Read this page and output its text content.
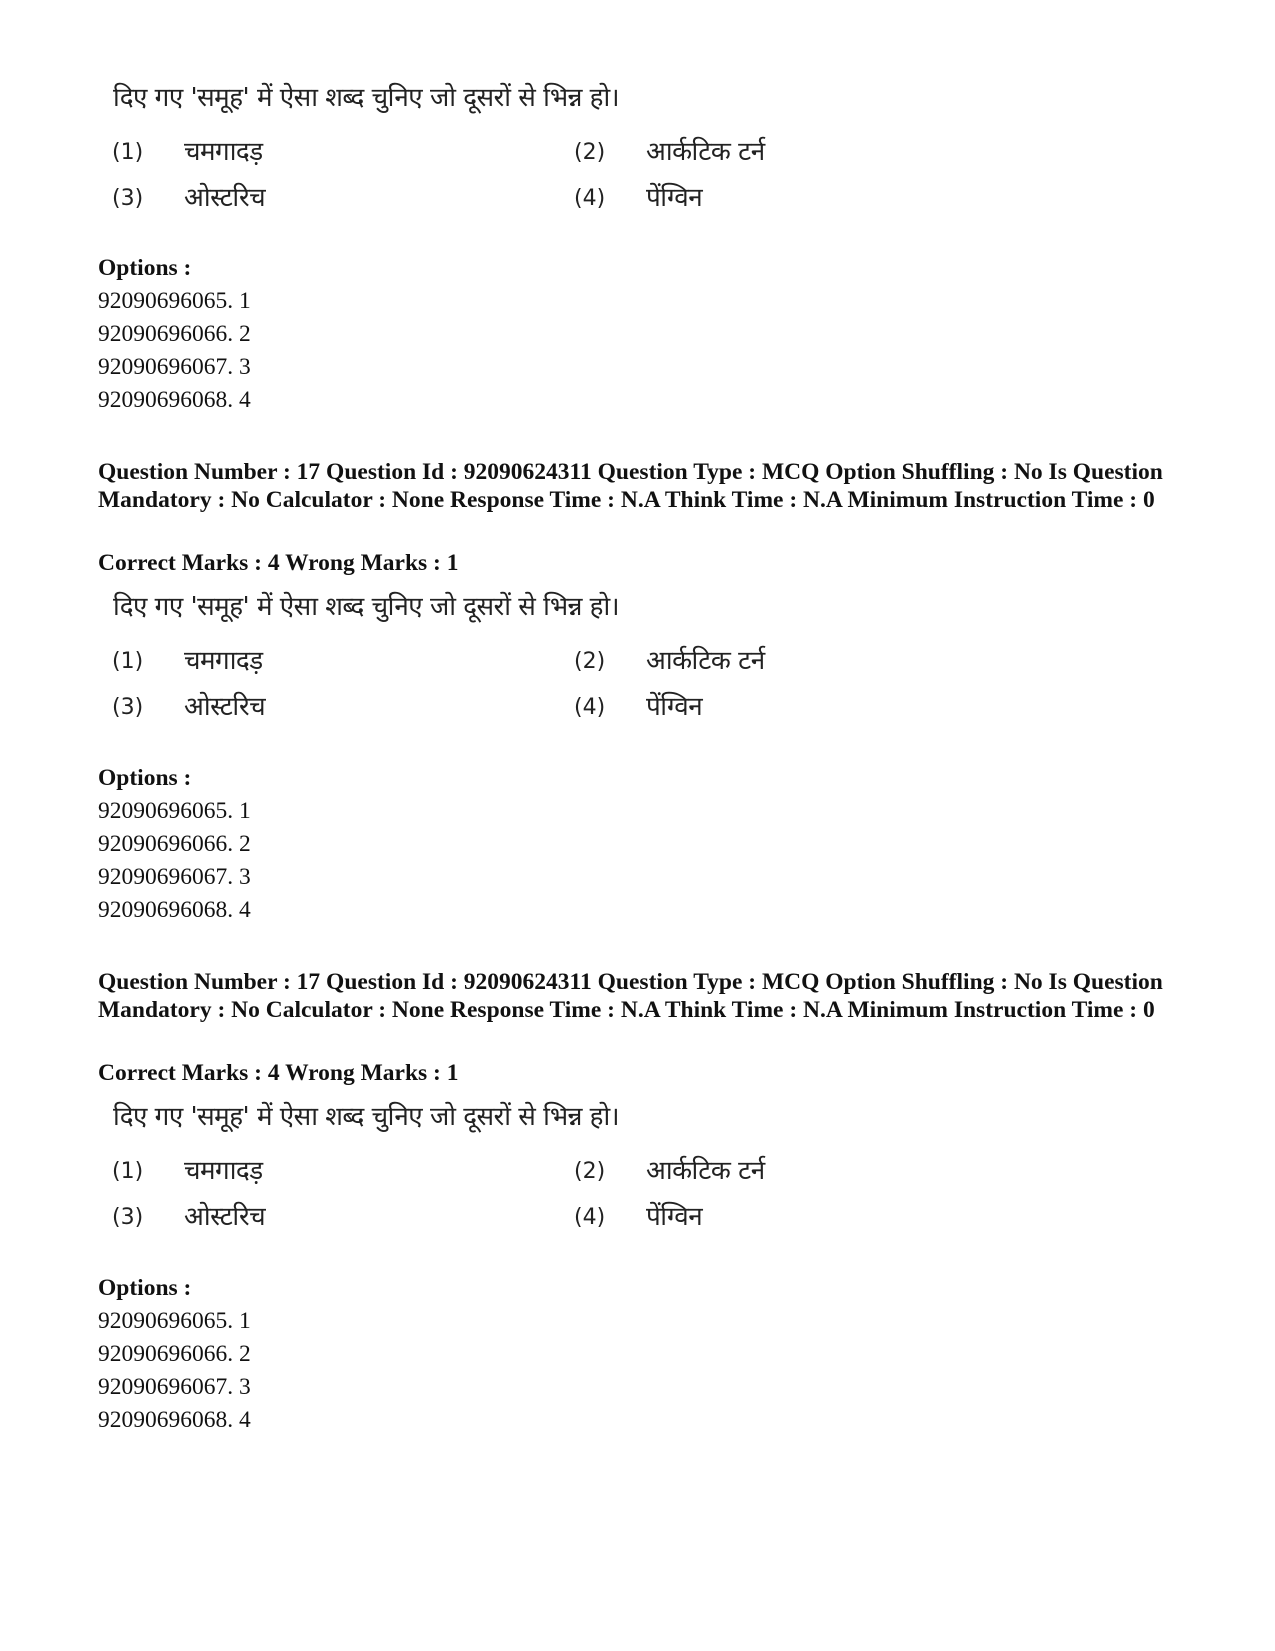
दिए गए 'समूह' में ऐसा शब्द चुनिए जो दूसरों से भिन्न हो।
(1) चमगादड़	(2) आर्कटिक टर्न
(3) ओस्टरिच	(4) पेंग्विन

Options :

92090696065. 1

92090696066. 2

92090696067. 3

92090696068. 4

Question Number : 17 Question Id : 92090624311 Question Type : MCQ Option Shuffling : No Is Question Mandatory : No Calculator : None Response Time : N.A Think Time : N.A Minimum Instruction Time : 0

Correct Marks : 4 Wrong Marks : 1

दिए गए 'समूह' में ऐसा शब्द चुनिए जो दूसरों से भिन्न हो।
(1) चमगादड़	(2) आर्कटिक टर्न
(3) ओस्टरिच	(4) पेंग्विन

Options :

92090696065. 1

92090696066. 2

92090696067. 3

92090696068. 4

Question Number : 17 Question Id : 92090624311 Question Type : MCQ Option Shuffling : No Is Question Mandatory : No Calculator : None Response Time : N.A Think Time : N.A Minimum Instruction Time : 0

Correct Marks : 4 Wrong Marks : 1

दिए गए 'समूह' में ऐसा शब्द चुनिए जो दूसरों से भिन्न हो।
(1) चमगादड़	(2) आर्कटिक टर्न
(3) ओस्टरिच	(4) पेंग्विन

Options :

92090696065. 1

92090696066. 2

92090696067. 3

92090696068. 4
